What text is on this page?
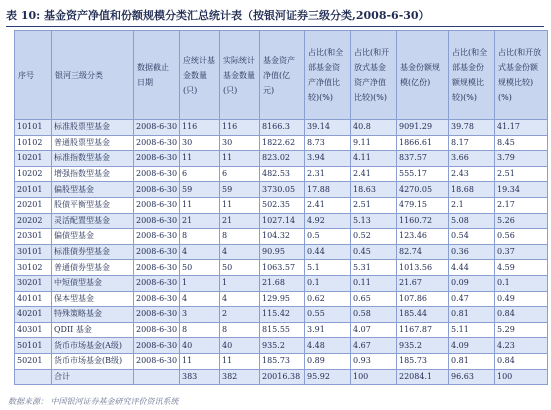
表 10: 基金资产净值和份额规模分类汇总统计表（按银河证券三级分类,2008-6-30）
序号	银河三级分类	数据截止日期	应统计基金数量(只)	实际统计基金数量(只)	基金资产净值(亿元)	占比(和全部基金资产净值比较)(%)	占比(和开放式基金资产净值比较)(%)	基金份额规模(亿份)	占比(和全部基金份额规模比较)(%)	占比(和开放式基金份额规模比较)(%)
10101	标准股票型基金	2008-6-30	116	116	8166.3	39.14	40.8	9091.29	39.78	41.17
10102	普通股票型基金	2008-6-30	30	30	1822.62	8.73	9.11	1866.61	8.17	8.45
10201	标准指数型基金	2008-6-30	11	11	823.02	3.94	4.11	837.57	3.66	3.79
10202	增强指数型基金	2008-6-30	6	6	482.53	2.31	2.41	555.17	2.43	2.51
20101	偏股型基金	2008-6-30	59	59	3730.05	17.88	18.63	4270.05	18.68	19.34
20201	股债平衡型基金	2008-6-30	11	11	502.35	2.41	2.51	479.15	2.1	2.17
20202	灵活配置型基金	2008-6-30	21	21	1027.14	4.92	5.13	1160.72	5.08	5.26
20301	偏债型基金	2008-6-30	8	8	104.32	0.5	0.52	123.46	0.54	0.56
30101	标准债券型基金	2008-6-30	4	4	90.95	0.44	0.45	82.74	0.36	0.37
30102	普通债券型基金	2008-6-30	50	50	1063.57	5.1	5.31	1013.56	4.44	4.59
30201	中短债型基金	2008-6-30	1	1	21.68	0.1	0.11	21.67	0.09	0.1
40101	保本型基金	2008-6-30	4	4	129.95	0.62	0.65	107.86	0.47	0.49
40201	特殊策略基金	2008-6-30	3	2	115.42	0.55	0.58	185.44	0.81	0.84
40301	QDII 基金	2008-6-30	8	8	815.55	3.91	4.07	1167.87	5.11	5.29
50101	货币市场基金(A级)	2008-6-30	40	40	935.2	4.48	4.67	935.2	4.09	4.23
50201	货币市场基金(B级)	2008-6-30	11	11	185.73	0.89	0.93	185.73	0.81	0.84
	合计		383	382	20016.38	95.92	100	22084.1	96.63	100
数据来源： 中国银河证券基金研究评价资讯系统
